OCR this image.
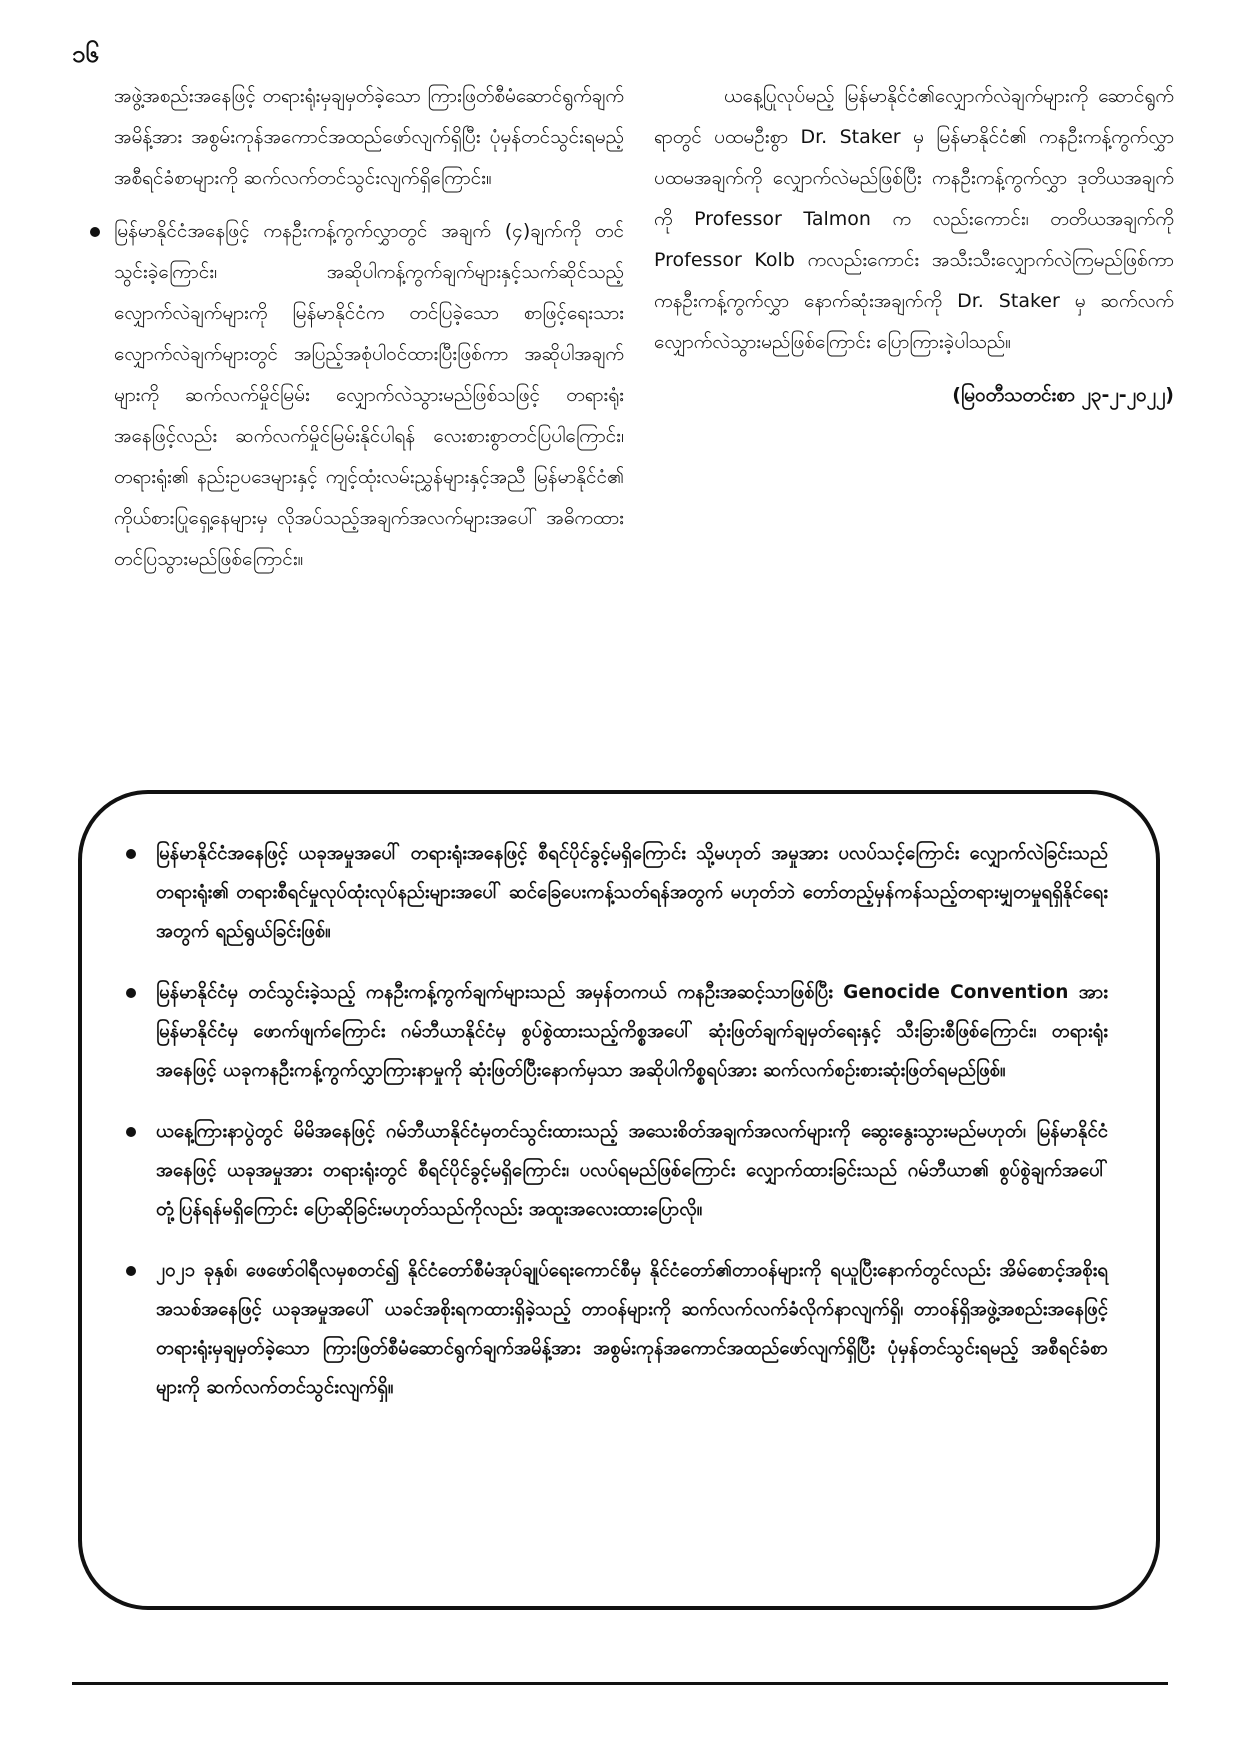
၁၆

အဖွဲ့အစည်းအနေဖြင့် တရားရုံးမှချမှတ်ခဲ့သော ကြားဖြတ်စီမံဆောင်ရွက်ချက်အမိန့်အား အစွမ်းကုန်အကောင်အထည်ဖော်လျက်ရှိပြီး ပုံမှန်တင်သွင်းရမည့် အစီရင်ခံစာများကို ဆက်လက်တင်သွင်းလျက်ရှိကြောင်း။

မြန်မာနိုင်ငံအနေဖြင့် ကနဦးကန့်ကွက်လွှာတွင် အချက် (၄)ချက်ကို တင်သွင်းခဲ့ကြောင်း၊ အဆိုပါကန့်ကွက်ချက်များနှင့်သက်ဆိုင်သည့် လျှောက်လဲချက်များကို မြန်မာနိုင်ငံက တင်ပြခဲ့သော စာဖြင့်ရေးသားလျှောက်လဲချက်များတွင် အပြည့်အစုံပါဝင်ထားပြီးဖြစ်ကာ အဆိုပါအချက်များကို ဆက်လက်မှိုင်မြမ်း လျှောက်လဲသွားမည်ဖြစ်သဖြင့် တရားရုံးအနေဖြင့်လည်း ဆက်လက်မှိုင်မြမ်းနိုင်ပါရန် လေးစားစွာတင်ပြပါကြောင်း၊ တရားရုံး၏ နည်းဥပဒေများနှင့် ကျင့်ထုံးလမ်းညွှန်များနှင့်အညီ မြန်မာနိုင်ငံ၏ ကိုယ်စားပြုရှေ့နေများမှ လိုအပ်သည့်အချက်အလက်များအပေါ် အဓိကထားတင်ပြသွားမည်ဖြစ်ကြောင်း။

ယနေ့ပြုလုပ်မည့် မြန်မာနိုင်ငံ၏လျှောက်လဲချက်များကို ဆောင်ရွက်ရာတွင် ပထမဦးစွာ Dr. Staker မှ မြန်မာနိုင်ငံ၏ ကနဦးကန့်ကွက်လွှာ ပထမအချက်ကို လျှောက်လဲမည်ဖြစ်ပြီး ကနဦးကန့်ကွက်လွှာ ဒုတိယအချက်ကို Professor Talmon က လည်းကောင်း၊ တတိယအချက်ကို Professor Kolb ကလည်းကောင်း အသီးသီးလျှောက်လဲကြမည်ဖြစ်ကာ ကနဦးကန့်ကွက်လွှာ နောက်ဆုံးအချက်ကို Dr. Staker မှ ဆက်လက်လျှောက်လဲသွားမည်ဖြစ်ကြောင်း ပြောကြားခဲ့ပါသည်။

(မြဝတီသတင်းစာ ၂၃-၂-၂၀၂၂)
မြန်မာနိုင်ငံအနေဖြင့် ယခုအမှုအပေါ် တရားရုံးအနေဖြင့် စီရင်ပိုင်ခွင့်မရှိကြောင်း သို့မဟုတ် အမှုအား ပလပ်သင့်ကြောင်း လျှောက်လဲခြင်းသည် တရားရုံး၏ တရားစီရင်မှုလုပ်ထုံးလုပ်နည်းများအပေါ် ဆင်ခြေပေးကန့်သတ်ရန်အတွက် မဟုတ်ဘဲ တော်တည့်မှန်ကန်သည့်တရားမျှတမှုရရှိနိုင်ရေးအတွက် ရည်ရွယ်ခြင်းဖြစ်။
မြန်မာနိုင်ငံမှ တင်သွင်းခဲ့သည့် ကနဦးကန့်ကွက်ချက်များသည် အမှန်တကယ် ကနဦးအဆင့်သာဖြစ်ပြီး Genocide Convention အား မြန်မာနိုင်ငံမှ ဖောက်ဖျက်ကြောင်း ဂမ်ဘီယာနိုင်ငံမှ စွပ်စွဲထားသည့်ကိစ္စအပေါ် ဆုံးဖြတ်ချက်ချမှတ်ရေးနှင့် သီးခြားစီဖြစ်ကြောင်း၊ တရားရုံးအနေဖြင့် ယခုကနဦးကန့်ကွက်လွှာကြားနာမှုကို ဆုံးဖြတ်ပြီးနောက်မှသာ အဆိုပါကိစ္စရပ်အား ဆက်လက်စဉ်းစားဆုံးဖြတ်ရမည်ဖြစ်။
ယနေ့ကြားနာပွဲတွင် မိမိအနေဖြင့် ဂမ်ဘီယာနိုင်ငံမှတင်သွင်းထားသည့် အသေးစိတ်အချက်အလက်များကို ဆွေးနွေးသွားမည်မဟုတ်၊ မြန်မာနိုင်ငံအနေဖြင့် ယခုအမှုအား တရားရုံးတွင် စီရင်ပိုင်ခွင့်မရှိကြောင်း၊ ပလပ်ရမည်ဖြစ်ကြောင်း လျှောက်ထားခြင်းသည် ဂမ်ဘီယာ၏ စွပ်စွဲချက်အပေါ် တုံ့ပြန်ရန်မရှိကြောင်း ပြောဆိုခြင်းမဟုတ်သည်ကိုလည်း အထူးအလေးထားပြောလို။
၂၀၂၁ ခုနှစ်၊ ဖေဖော်ဝါရီလမှစတင်၍ နိုင်ငံတော်စီမံအုပ်ချုပ်ရေးကောင်စီမှ နိုင်ငံတော်၏တာဝန်များကို ရယူပြီးနောက်တွင်လည်း အိမ်စောင့်အစိုးရအသစ်အနေဖြင့် ယခုအမှုအပေါ် ယခင်အစိုးရကထားရှိခဲ့သည့် တာဝန်များကို ဆက်လက်လက်ခံလိုက်နာလျက်ရှိ၊ တာဝန်ရှိအဖွဲ့အစည်းအနေဖြင့် တရားရုံးမှချမှတ်ခဲ့သော ကြားဖြတ်စီမံဆောင်ရွက်ချက်အမိန့်အား အစွမ်းကုန်အကောင်အထည်ဖော်လျက်ရှိပြီး ပုံမှန်တင်သွင်းရမည့် အစီရင်ခံစာများကို ဆက်လက်တင်သွင်းလျက်ရှိ။
